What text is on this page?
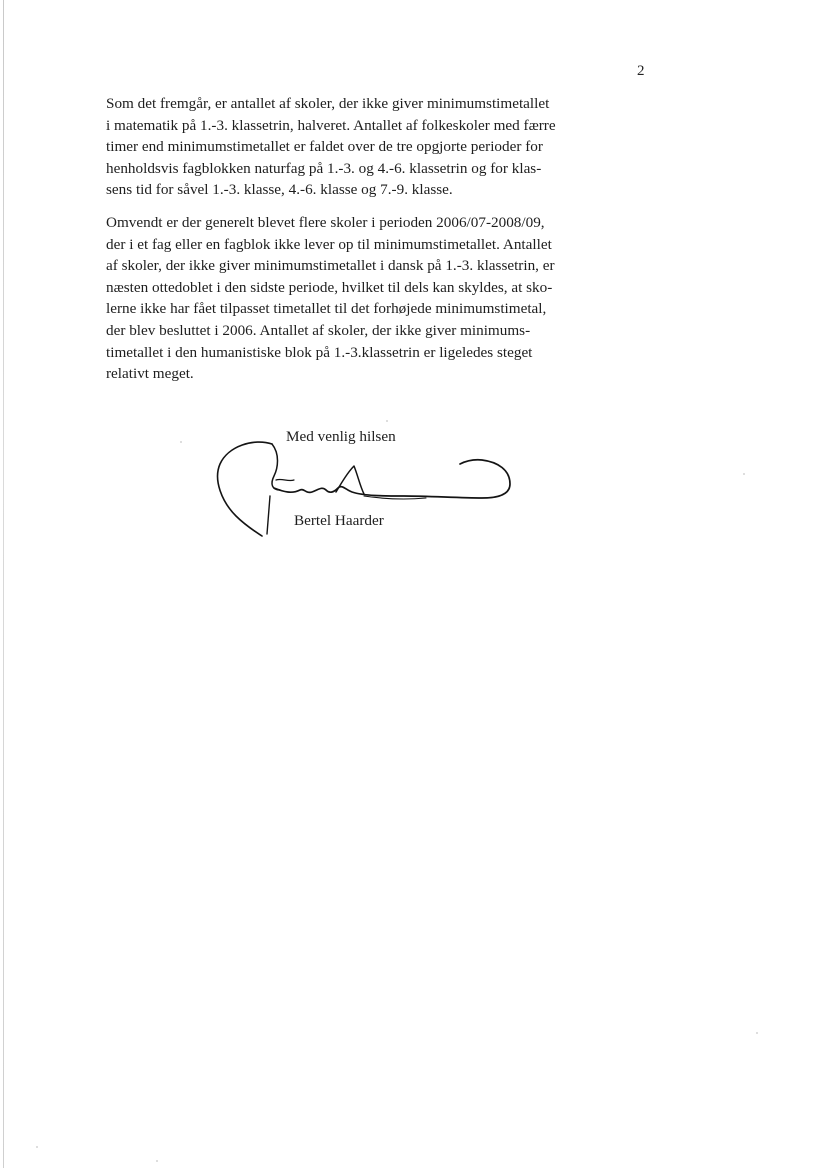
2

Som det fremgår, er antallet af skoler, der ikke giver minimumstimetallet
i matematik på 1.-3. klassetrin, halveret. Antallet af folkeskoler med færre
timer end minimumstimetallet er faldet over de tre opgjorte perioder for
henholdsvis fagblokken naturfag på 1.-3. og 4.-6. klassetrin og for klas-
sens tid for såvel 1.-3. klasse, 4.-6. klasse og 7.-9. klasse.

Omvendt er der generelt blevet flere skoler i perioden 2006/07-2008/09,
der i et fag eller en fagblok ikke lever op til minimumstimetallet. Antallet
af skoler, der ikke giver minimumstimetallet i dansk på 1.-3. klassetrin, er
næsten ottedoblet i den sidste periode, hvilket til dels kan skyldes, at sko-
lerne ikke har fået tilpasset timetallet til det forhøjede minimumstimetal,
der blev besluttet i 2006. Antallet af skoler, der ikke giver minimums-
timetallet i den humanistiske blok på 1.-3.klassetrin er ligeledes steget
relativt meget.

Med venlig hilsen
Bertel Haarder
